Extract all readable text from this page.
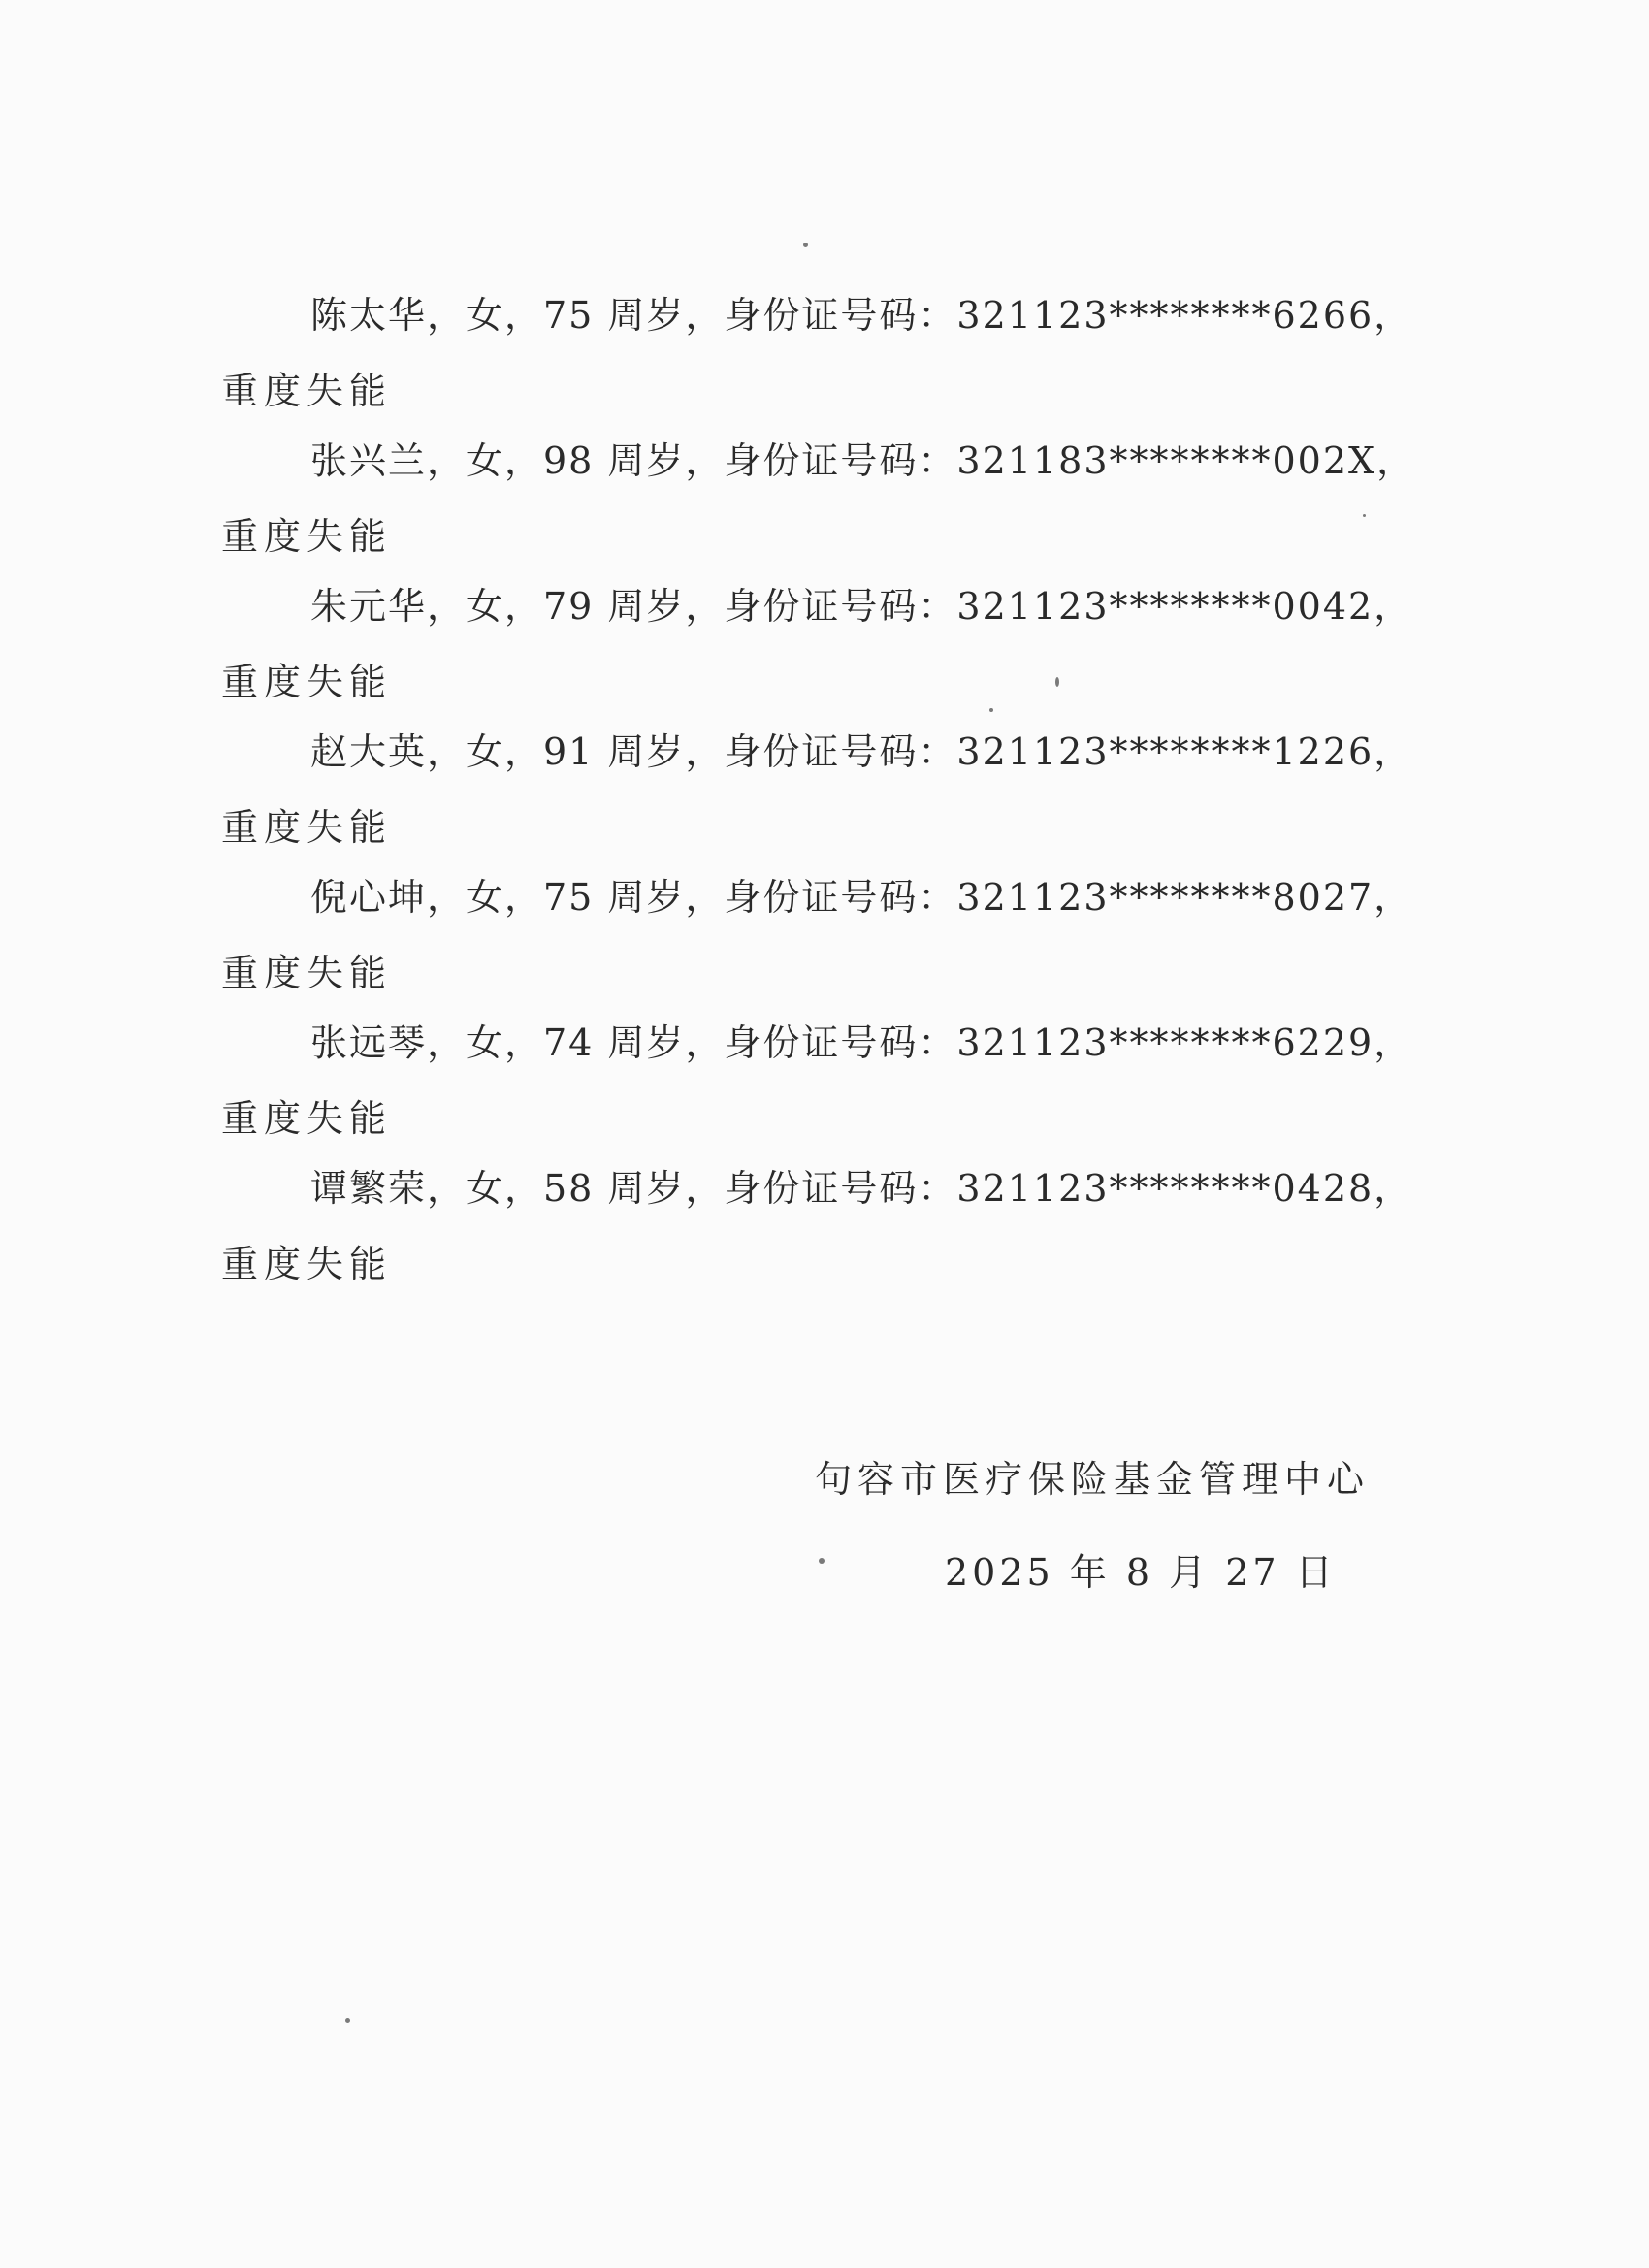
陈太华，女，75 周岁，身份证号码：321123********6266，
重度失能
张兴兰，女，98 周岁，身份证号码：321183********002X，
重度失能
朱元华，女，79 周岁，身份证号码：321123********0042，
重度失能
赵大英，女，91 周岁，身份证号码：321123********1226，
重度失能
倪心坤，女，75 周岁，身份证号码：321123********8027，
重度失能
张远琴，女，74 周岁，身份证号码：321123********6229，
重度失能
谭繁荣，女，58 周岁，身份证号码：321123********0428，
重度失能
句容市医疗保险基金管理中心
2025 年 8 月 27 日
